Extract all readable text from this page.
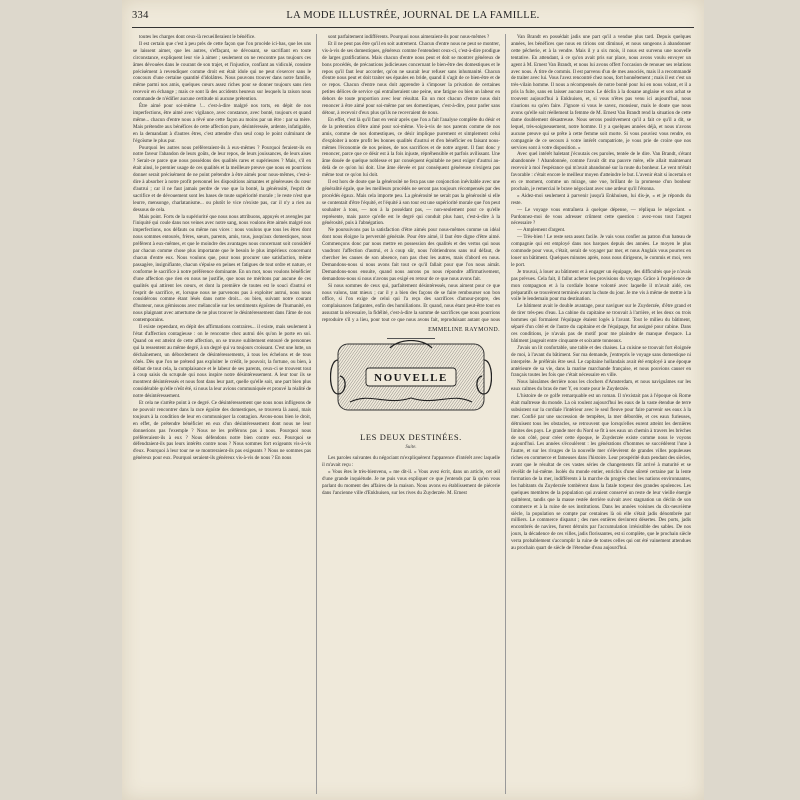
334	LA MODE ILLUSTRÉE, JOURNAL DE LA FAMILLE.

toutes les charges dont ceux-là recueilleraient le bénéfice.

Il est certain que c'est à peu près de cette façon que l'on procède ici-bas, que les uns se laissent aimer, que les autres, s'effaçant, se dévouant, se sacrifiant en toute circonstance, expliquent leur vie à aimer ; seulement on ne rencontre pas toujours ces âmes dévouées dans le courant de son trajet, et l'injustice, confiant au vidiculé, consiste précisément à revendiquer comme droit est était idole qui ne peut s'exercer sans le concours d'une certaine quantité d'idolâtres. Nous pouvons trouver dans notre famille, même parmi nos amis, quelques cœurs assez riches pour se donner toujours sans rien recevoir en échange ; mais ce sont là des accidents heureux sur lesquels la raison nous commande de n'édifier aucune certitude ni aucune prétention.

Être aimé pour soi-même !... c'est-à-dire malgré nos torts, en dépit de nos imperfections, être aimé avec vigilance, avec constance, avec bonté, toujours et quand même... chacun d'entre nous a rêvé une cette façon au moins par un être : par sa mère. Mais prétendre aux bénéfices de cette affection pure, désintéressée, ardente, infatigable, en la demandant à d'autres êtres, c'est attendre d'un seul coup le point culminant de l'égoïsme le plus pur.

Pourquoi les autres nous préfèreraient-ils à eux-mêmes ? Pourquoi feraient-ils en notre faveur l'abandon de leurs goûts, de leur repos, de leurs jouissances, de leurs aises ? Serait-ce parce que nous possédons des qualités rares et supérieures ? Mais, s'il en était ainsi, le premier usage de ces qualités et la meilleure preuve que nous en pourrions donner serait précisément de ne point prétendre à être aimés pour nous-mêmes, c'est-à-dire à absorber à notre profit personnel les dispositions aimantes et généreuses du cœur d'autrui ; car il ne faut jamais perdre de vue que la bonté, la générosité, l'esprit de sacrifice et de dévouement sont les bases de toute supériorité morale ; le reste n'est que leurre, mensonge, charlatanisme... ou plutôt le vice n'existe pas, car il n'y a rien au dessous de cela.

Mais point. Forts de la supériorité que nous nous attribuons, appuyés et avengles par l'iniquité qui coule dans nos veines avec notre sang, nous voulons être aimés malgré nos imperfections, nos défauts ou même nos vices : nous voulons que tous les êtres dont nous sommes entourés, frères, sœurs, parents, amis, tous, jusqu'aux domestiques, nous préfèrent à eux-mêmes, et que le moindre des avantages nous concernant soit considéré par chacun comme chose plus importante que le besoin le plus impérieux concernant chacun d'entre eux. Nous voulons que, pour nous procurer une satisfaction, même passagère, insignifiante, chacun s'épuise en peines et fatigues de tout ordre et nature, et conforme le sacrifice à notre préférence dominante. En un mot, nous voulons bénéficier d'une affection que rien en nous ne justifie, que nous ne méritons par aucune de ces qualités qui attirent les cœurs, et dont la première de toutes est le souci d'autrui et l'esprit de sacrifice, et, lorsque nous ne parvenons pas à exploiter autrui, nous nous considérons comme étant lésés dans notre droit... ou bien, suivant notre courant d'humeur, nous gémissons avec mélancolie sur les sentiments égoïstes de l'humanité, en nous plaignant avec amertume de ne plus trouver le désintéressement dans l'âme de nos contemporains.

Il existe cependant, en dépit des affirmations contraires... il existe, mais seulement à l'état d'affection contagieuse : on le rencontre chez autrui dès qu'on le porte en soi. Quand on est atteint de cette affection, on se trouve subitement entouré de personnes qui la ressentent au même degré, à un degré qui va toujours croissant. C'est une lutte, un déchaînement, un débordement de désintéressements, à tous les échelons et de tous côtés. Dès que l'on ne prétend pas exploiter le crédit, le pouvoir, la fortune, ou bien, à défaut de tout cela, la complaisance et le labeur de ses parents, ceux-ci se trouvent tout à coup saisis du scrupule qui nous inspire notre désintéressement. A leur tour ils se montrent désintéressés et nous font dans leur part, quelle qu'elle soit, une part bien plus considérable qu'elle n'eût été, si nous la leur avions communiquée et prouvé la réalité de notre désintéressement.

Et cela ne s'arrête point à ce degré. Ce désintéressement que nous nous infligeons de ne pouvoir rencontrer dans la race égoïste des domestiques, se trouvera là aussi, mais toujours à la condition de leur en communiquer la contagion. Avons-nous bien le droit, en effet, de prétendre bénéficier en eux d'un désintéressement dont nous ne leur donnerions pas l'exemple ? Nous ne les préférons pas à nous. Pourquoi nous préfèreraient-ils à eux ? Nous défendons notre bien contre eux. Pourquoi se défendraient-ils pas leurs intérêts contre nous ? Nous sommes fort exigeants vis-à-vis d'eux. Pourquoi à leur tour ne se montreraient-ils pas exigeants ? Nous ne sommes pas généreux pour eux. Pourquoi seraient-ils généreux vis-à-vis de nous ? En nous

sont parfaitement indifférents. Pourquoi nous aimeraient-ils pour nous-mêmes ?

Et il ne peut pas être qu'il en soit autrement. Chacun d'entre nous ne peut se montrer, vis-à-vis de ses domestiques, généreux comme l'entendent ceux-ci, c'est-à-dire prodigue de larges gratifications. Mais chacun d'entre nous peut et doit se montrer généreux de bons procédés, de précautions judicieuses concernant le bien-être des domestiques et le repos qu'il faut leur accorder, qu'on ne saurait leur refuser sans inhumanité. Chacun d'entre nous peut et doit traiter ses épaules en bride, quand il s'agit de ce bien-être et de ce repos. Chacun d'entre nous doit apprendre à s'imposer la privation de certaines petites délices de service qui entraîneraient une peine, une fatigue ou bien un labeur en dehors de toute proportion avec leur résultat. En un mot chacun d'entre nous doit renoncer à être aimé pour soi-même par ses domestiques, c'est-à-dire, pour parler sans détour, à recevoir d'eux plus qu'ils ne recevraient de nous.

En effet, c'est là qu'il faut en venir après que l'on a fait l'analyse complète du désir et de la prétention d'être aimé pour soi-même. Vis-à-vis de nos parents comme de nos amis, comme de nos domestiques, ce désir implique purement et simplement celui d'exploiter à notre profit les bonnes qualités d'autrui et d'en bénéficier en faisant nous-mêmes l'économie de nos peines, de nos sacrifices et de notre argent. Il faut donc y renoncer, parce que ce désir est à la fois injuste, répréhensible et parfois avilissant. Une âme douée de quelque noblesse et par conséquent équitable ne peut exiger d'autrui au-delà de ce qu'on lui doit. Une âme élevée et par conséquent généreuse n'exigera pas même tout ce qu'on lui doit.

Il est hors de doute que la générosité ne fera pas une conjonction inévitable avec une généralité égale, que les meilleurs procédés ne seront pas toujours récompensés par des procédés égaux. Mais cela importe peu. La générosité ne serait pas la générosité si elle se contentait d'être l'équité, et l'équité à son tour est une supériorité morale que l'on peut souhaiter à tous, — non à la possédant pas, — non-seulement pour ce qu'elle représente, mais parce qu'elle est le degré qui conduit plus haut, c'est-à-dire à la générosité, puis à l'abnégation.

Ne poursuivons pas la satisfaction d'être aimés pour nous-mêmes comme un idéal dont nous éloigne la perversité générale. Pour être aimé, il faut être digne d'être aimé. Commençons donc par nous mettre en possession des qualités et des vertus qui nous vaudront l'affection d'autrui, et à coup sûr, nous l'obtiendrons sans nul défaut, de chercher les causes de son absence, non pas chez les autres, mais d'abord en nous. Demandons-nous si nous avons fait tout ce qu'il fallait pour que l'on nous aimât. Demandons-nous ensuite, quand nous aurons pu nous répondre affirmativement, demandons-nous si nous n'avons pas exigé en retour de ce que nous avons fait.

Si nous sommes de ceux qui, parfaitement désintéressés, nous aiment pour ce que nous valons, tant mieux ; car il y a bien des façons de se faire rembourser son bon office, si l'on exige de celui qui l'a reçu des sacrifices d'amour-propre, des complaisances fatigantes, enfin des humiliations. Et quand, nous étant peut-être tout en assurant la nécessaire, la fidélité, c'est-à-dire la somme de sacrifices que nous pourrions reproduire s'il y a lieu, pour tout ce que nous avons fait, reproduisant autant que nous

EMMELINE RAYMOND.
NOUVELLE
LES DEUX DESTINÉES.
Suite.

Les paroles suivantes du négociant m'expliquèrent l'apparence d'intérêt avec laquelle il m'avait reçu :

« Vous êtes le très-bienvenu, » me dit-il. « Vous avez écrit, dans un article, cet œil d'une grande inquiétude. Je ne puis vous expliquer ce que j'entends par là qu'en vous parlant du moment des affaires de la maison. Nous avons eu établissement de piécerie dans l'ancienne ville d'Enkhuisen, sur les rives du Zuyderzée. M. Ernest

Van Brandt en possédait jadis une part qu'il a vendue plus tard. Depuis quelques années, les bénéfices que nous en tirions ont diminué, et nous songeons à abandonner cette pêcherie, et à la vendre. Mais il y a six mois, il nous est survenu une nouvelle tentative. En attendant, à ce qu'on avait pris sur place, nous avons voulu envoyer un agent à M. Ernest Van Brandt, et nous lui avons offert l'occasion de renouer ses relations avec nous. À titre de commis. Il est parvenu d'un de mes associés, mais il a recommandé de traiter avec lui. Vous l'avez rencontré chez nous, fort honnêtement ; mais il est c'est un très-vilain homme. Il nous a récompensés de notre bonté pour lui en nous volant, et il a pris la fuite, sans en laisser aucune trace. Le déclin à la douane anglaise et son achat se trouvent aujourd'hui à Enkhuisen, et, si vous n'êtes pas venu ici aujourd'hui, nous n'aurions su qu'en faire. J'ignore si vous le savez, monsieur, mais le doute que nous avons qu'elle soit réellement la femme de M. Ernest Van Brandt rend la situation de cette dame doublement désastreuse. Nous serons positivement qu'il a fait ce qu'il a dit, se lequel, très-soigneusement, notre homme. Il y a quelques années déjà, et nous n'avons aucune preuve qui se prête à cette femme soit morte. Si vous pouviez vous rendre, en compagnie de ce secours à votre intérêt compatriote, je vous prie de croire que nos services sont à votre disposition. »

Avec quel intérêt haletant j'écoutais ces paroles, tentée de le dire. Van Brandt, s'étant abandonnée ! Abandonnée, comme l'avait dit ma pauvre mère, elle allait maintenant recevoir à moi l'espérance qui m'avait abandonné sur la route du bonheur. Le vent m'était favorable : c'était encore le meilleur moyen d'atteindre le but. L'avenir était si incertain et en ce moment, comme un mirage, une vue, brillant de la promesse d'un bonheur prochain, je remerciai le brave négociant avec une ardeur qu'il l'étonna.

« Aidez-moi seulement à parvenir jusqu'à Enkhuisen, lui dis-je, « et je réponds du reste.

— Le voyage vous entraînera à quelque dépense, — répliqua le négociant. « Pardonnez-moi de vous adresser crûment cette question : avez-vous tout l'argent nécessaire ?

— Amplement d'argent.

— Très-bien ! Le reste sera assez facile. Je vais vous confier au patron d'un bateau de compagnie qui est employé dans nos barques depuis des années. Le moyen le plus commode pour vous, c'était, serait de voyager par mer, et nous Anglais vous pourrez en louer un bâtiment. Quelques minutes après, nous nous dirigeons, le commis et moi, vers le port.

Je trouvai, à louer au bâtiment et à engager un équipage, des difficultés que je n'avais pas prévues. Cela fait, il fallut acheter les provisions du voyage. Grâce à l'expérience de mon compagnon et à la cordiale bonne volonté avec laquelle il m'avait aidé, ces préparatifs se trouvèrent terminés avant la chute du jour. Je me vis à même de mettre à la voile le lendemain pour ma destination.

Le bâtiment avait le double avantage, pour naviguer sur le Zuyderzée, d'être grand et de tirer très-peu d'eau. La cabine du capitaine se trouvait à l'arrière, et les deux ou trois hommes qui formaient l'équipage étaient logés à l'avant. Tout le milieu du bâtiment, séparé d'un côté et de l'autre du capitaine et de l'équipage, fut assigné pour cabine. Dans ces conditions, je n'avais pas de motif pour me plaindre de manque d'espace. La bâtiment jaugeait entre cinquante et soixante tonneaux.

J'avais un lit confortable, une table et des chaises. La cuisine se trouvait fort éloignée de moi, à l'avant du bâtiment. Sur ma demande, j'entrepris le voyage sans domestique ni interprète. Je préférais être seul. Le capitaine hollandais avait été employé à une époque antérieure de sa vie, dans la marine marchande française, et nous pouvions causer en français toutes les fois que c'était nécessaire en ville.

Nous laissâmes derrière nous les clochers d'Amsterdam, et nous naviguâmes sur les eaux calmes du bras de mer Y, en route pour le Zuyderzée.

L'histoire de ce golfe remarquable est un roman. Il n'existait pas à l'époque où Rome était maîtresse du monde. La où roulent aujourd'hui les eaux de la vaste étendue de terre subsistent sur la cordiale l'intérieur avec le seul fleuve pour faire parvenir ses eaux à la mer. Confié par une succession de tempêtes, la mer débordée, et ces eaux furieuses, détruisent tous les obstacles, se retrouvent que lorsqu'elles eurent atteint les dernières limites des pays. Le grande mer du Nord se fit à ses eaux un chemin à travers les brèches de son côté, pour créer cette époque, le Zuyderzée existe comme nous le voyons aujourd'hui. Les années s'écoulèrent : les générations d'hommes se succédèrent l'une à l'autre, et sur les rivages de la nouvelle mer s'élevèrent de grandes villes populeuses riches en commerce et fameuses dans l'histoire. Leur prospérité dura pendant des siècles, avant que le résultat de ces vastes séries de changements fût arrivé à maturité et se révélât de lui-même. Isolés du monde entier, enrichis d'une sûreté certaine par la lente formation de la mer, indifférents à la marche du progrès chez les nations environnantes, les habitants du Zuyderzée tombèrent dans la fatale torpeur des grandes opulences. Les quelques membres de la population qui avaient conservé un reste de leur vieille énergie quittèrent, tandis que la masse restée derrière suivait avec stagnation un déclin de son commerce et à la ruine de ses institutions. Dans les années voisines du dix-neuvième siècle, la population se compte par centaines là où elle s'était jadis dénombrée par milliers. Le commerce disparut ; des rues entières devinrent désertes. Des ports, jadis encombrés de navires, furent détruits par l'accumulation irrésistible des sables. De nos jours, la décadence de ces villes, jadis florissantes, est si complète, que le prochain siècle verra probablement s'accomplir la ruine de toutes celles qui ont été vainement attendues au prochain quart de siècle de l'étendue d'eau aujourd'hui.
